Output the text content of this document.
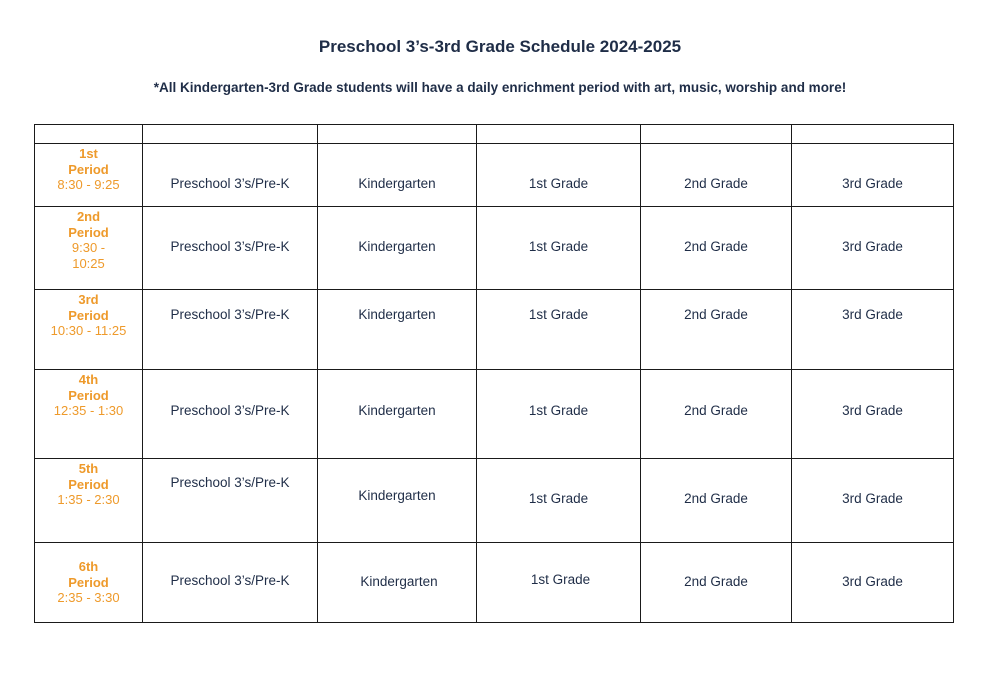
Preschool 3’s-3rd Grade Schedule 2024-2025
*All Kindergarten-3rd Grade students will have a daily enrichment period with art, music, worship and more!

1st
Period
8:30 - 9:25	Preschool 3’s/Pre-K	Kindergarten	1st Grade	2nd Grade	3rd Grade

2nd
Period
9:30 - 10:25	Preschool 3’s/Pre-K	Kindergarten	1st Grade	2nd Grade	3rd Grade

3rd
Period
10:30 - 11:25	Preschool 3’s/Pre-K	Kindergarten	1st Grade	2nd Grade	3rd Grade

4th
Period
12:35 - 1:30	Preschool 3’s/Pre-K	Kindergarten	1st Grade	2nd Grade	3rd Grade

5th
Period
1:35 - 2:30	Preschool 3’s/Pre-K	Kindergarten	1st Grade	2nd Grade	3rd Grade

6th
Period
2:35 - 3:30	Preschool 3’s/Pre-K	Kindergarten	1st Grade	2nd Grade	3rd Grade
